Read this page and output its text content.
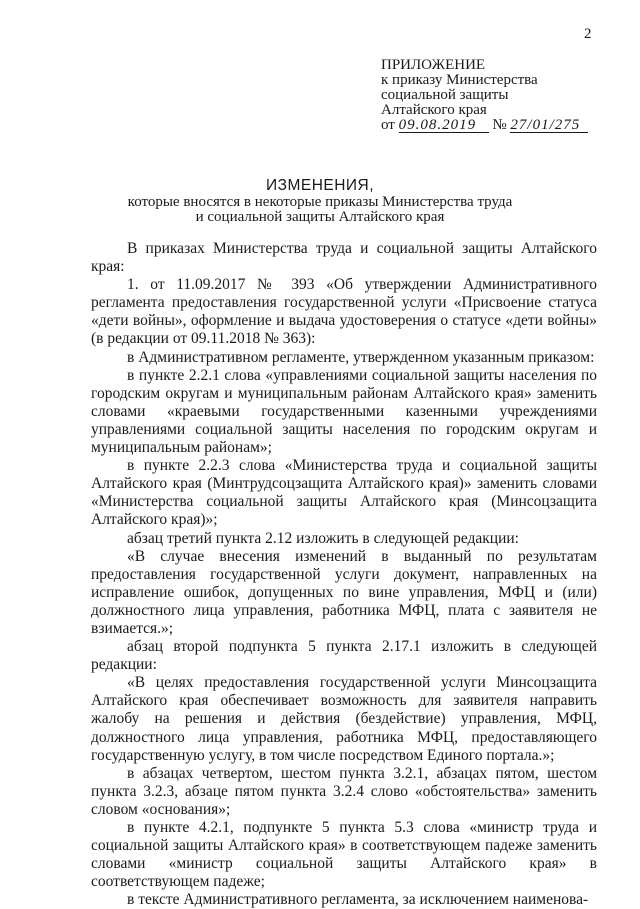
2
ПРИЛОЖЕНИЕ
к приказу Министерства
социальной защиты
Алтайского края
от 09.08.2019 № 27/01/275
ИЗМЕНЕНИЯ,
которые вносятся в некоторые приказы Министерства труда
и социальной защиты Алтайского края

В приказах Министерства труда и социальной защиты Алтайского края:

1. от 11.09.2017 № 393 «Об утверждении Административного регламента предоставления государственной услуги «Присвоение статуса «дети войны», оформление и выдача удостоверения о статусе «дети войны» (в редакции от 09.11.2018 № 363):

в Административном регламенте, утвержденном указанным приказом:

в пункте 2.2.1 слова «управлениями социальной защиты населения по городским округам и муниципальным районам Алтайского края» заменить словами «краевыми государственными казенными учреждениями управлениями социальной защиты населения по городским округам и муниципальным районам»;

в пункте 2.2.3 слова «Министерства труда и социальной защиты Алтайского края (Минтрудсоцзащита Алтайского края)» заменить словами «Министерства социальной защиты Алтайского края (Минсоцзащита Алтайского края)»;

абзац третий пункта 2.12 изложить в следующей редакции:

«В случае внесения изменений в выданный по результатам предоставления государственной услуги документ, направленных на исправление ошибок, допущенных по вине управления, МФЦ и (или) должностного лица управления, работника МФЦ, плата с заявителя не взимается.»;

абзац второй подпункта 5 пункта 2.17.1 изложить в следующей редакции:

«В целях предоставления государственной услуги Минсоцзащита Алтайского края обеспечивает возможность для заявителя направить жалобу на решения и действия (бездействие) управления, МФЦ, должностного лица управления, работника МФЦ, предоставляющего государственную услугу, в том числе посредством Единого портала.»;

в абзацах четвертом, шестом пункта 3.2.1, абзацах пятом, шестом пункта 3.2.3, абзаце пятом пункта 3.2.4 слово «обстоятельства» заменить словом «основания»;

в пункте 4.2.1, подпункте 5 пункта 5.3 слова «министр труда и социальной защиты Алтайского края» в соответствующем падеже заменить словами «министр социальной защиты Алтайского края» в соответствующем падеже;

в тексте Административного регламента, за исключением наименова-
